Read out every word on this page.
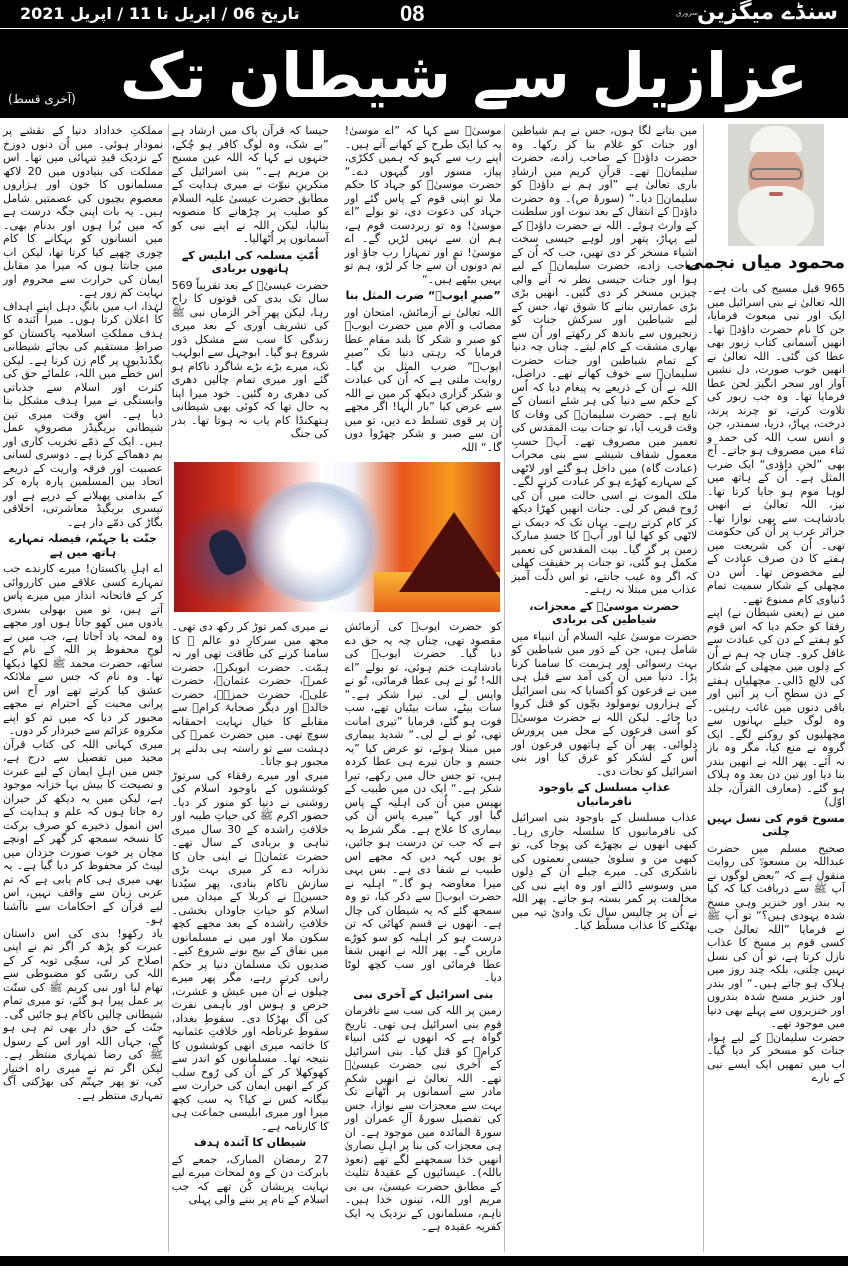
سنڈے میگزین
سرورق
08
تاریخ 06 / اپریل تا 11 / اپریل 2021
عزازیل سے شیطان تک
(آخری قسط)
محمود میاں نجمی

965 قبل مسیح کی بات ہے۔ اللہ تعالیٰ نے بنی اسرائیل میں ایک اور نبی مبعوث فرمایا، جن کا نام حضرت داؤدؑ تھا۔ انھیں آسمانی کتاب زبور بھی عطا کی گئی۔ اللہ تعالیٰ نے انھیں خوب صورت، دل نشیں آواز اور سحر انگیز لحن عطا فرمایا تھا۔ وہ جب زبور کی تلاوت کرتے، تو چرند پرند، درخت، پہاڑ، دریا، سمندر، جن و انس سب اللہ کی حمد و ثناء میں مصروف ہو جاتے۔ آج بھی ”لحنِ داؤدی“ ایک ضرب المثل ہے۔ اُن کے ہاتھ میں لوہا موم ہو جایا کرتا تھا۔ نیز، اللہ تعالیٰ نے انھیں بادشاہت سے بھی نوازا تھا۔ جزائر عرب پر اُن کی حکومت تھی۔ اُن کی شریعت میں ہفتے کا دن صرف عبادت کے لیے مخصوص تھا۔ اُس دن مچھلی کے شکار سمیت تمام دُنیاوی کام ممنوع تھے۔

میں نے (یعنی شیطان نے) اپنے رفقا کو حکم دیا کہ اس قوم کو ہفتے کے دن کی عبادت سے غافل کرو۔ چناں چہ ہم نے اُن کے دِلوں میں مچھلی کے شکار کی لالچ ڈالی۔ مچھلیاں ہفتے کے دن سطحِ آب پر آتیں اور باقی دنوں میں غائب رہتیں۔ وہ لوگ حیلے بہانوں سے مچھلیوں کو روکنے لگے۔ ایک گروہ نے منع کیا، مگر وہ باز نہ آئے۔ پھر اللہ نے انھیں بندر بنا دیا اور تین دن بعد وہ ہلاک ہو گئے۔ (معارف القرآن، جلد اوّل)

مسوخ قوم کی نسل نہیں چلتی

صحیح مسلم میں حضرت عبداللہ بن مسعودؓ کی روایت منقول ہے کہ ”بعض لوگوں نے آپ ﷺ سے دریافت کیا کہ کیا یہ بندر اور خنزیر وہی مسخ شدہ یہودی ہیں؟“ تو آپ ﷺ نے فرمایا ”اللہ تعالیٰ جب کسی قوم پر مسخ کا عذاب نازل کرتا ہے، تو اُن کی نسل نہیں چلتی، بلکہ چند روز میں ہلاک ہو جاتے ہیں۔“ اور بندر اور خنزیر مسخ شدہ بندروں اور خنزیروں سے پہلے بھی دنیا میں موجود تھے۔

حضرت سلیمانؑ کے لیے ہوا، جنات کو مسخر کر دیا گیا۔ اب میں تمھیں ایک ایسے نبی کے بارے

میں بتانے لگا ہوں، جس نے ہم شیاطین اور جنات کو غلام بنا کر رکھا۔ وہ حضرت داؤدؑ کے صاحب زادے، حضرت سلیمانؑ تھے۔ قرآنِ کریم میں ارشادِ باری تعالیٰ ہے ”اور ہم نے داؤدؑ کو سلیمانؑ دیا۔“ (سورۂ ص)۔ وہ حضرت داؤدؑ کے انتقال کے بعد نبوت اور سلطنت کے وارث ہوئے۔ اللہ نے حضرت داؤدؑ کے لیے پہاڑ، پتھر اور لوہے جیسی سخت اشیاء مسخر کر دی تھیں، جب کہ اُن کے صاحب زادے، حضرت سلیمانؑ کے لیے ہوا اور جنات جیسی نظر نہ آنے والی چیزیں مسخر کر دی گئیں۔ انھیں بڑی بڑی عمارتیں بنانے کا شوق تھا، جس کے لیے شیاطین اور سرکش جنات کو زنجیروں سے باندھ کر رکھتے اور اُن سے بھاری مشقت کے کام لیتے۔ چناں چہ دنیا کے تمام شیاطین اور جنات حضرت سلیمانؑ سے خوف کھاتے تھے۔ دراصل، اللہ نے اُن کے ذریعے یہ پیغام دیا کہ اُس کے حکم سے دنیا کی ہر شئے انسان کے تابع ہے۔ حضرت سلیمانؑ کی وفات کا وقت قریب آیا، تو جنات بیت المقدس کی تعمیر میں مصروف تھے۔ آپؑ حسبِ معمول شفاف شیشے سے بنی محراب (عبادت گاہ) میں داخل ہو گئے اور لاٹھی کے سہارے کھڑے ہو کر عبادت کرنے لگے۔ ملک الموت نے اسی حالت میں اُن کی رُوح قبض کر لی۔ جنات انھیں کھڑا دیکھ کر کام کرتے رہے۔ یہاں تک کہ دیمک نے لاٹھی کو کھا لیا اور آپؑ کا جسدِ مبارک زمین پر گر گیا۔ بیت المقدس کی تعمیر مکمل ہو گئی، تو جنات پر حقیقت کھلی کہ اگر وہ غیب جانتے، تو اس ذلّت آمیز عذاب میں مبتلا نہ رہتے۔

حضرت موسیٰؑ کے معجزات، شیاطین کی بربادی

حضرت موسیٰ علیہ السلام اُن انبیاء میں شامل ہیں، جن کے دَور میں شیاطین کو بہت رسوائی اور ہزیمت کا سامنا کرنا پڑا۔ دنیا میں اُن کی آمد سے قبل ہی میں نے فرعون کو اُکسایا کہ بنی اسرائیل کے ہزاروں نومولود بچّوں کو قتل کروا دیا جائے۔ لیکن اللہ نے حضرت موسیٰؑ کو اُسی فرعون کے محل میں پرورش دلوائی۔ پھر اُن کے ہاتھوں فرعون اور اُس کے لشکر کو غرق کیا اور بنی اسرائیل کو نجات دی۔

عذابِ مسلسل کے باوجود نافرمانیاں

عذاب مسلسل کے باوجود بنی اسرائیل کی نافرمانیوں کا سلسلہ جاری رہا۔ کبھی انھوں نے بچھڑے کی پوجا کی، تو کبھی من و سلویٰ جیسی نعمتوں کی ناشکری کی۔ میرے چیلے اُن کے دِلوں میں وسوسے ڈالتے اور وہ اپنے نبی کی مخالفت پر کمر بستہ ہو جاتے۔ پھر اللہ نے اُن پر چالیس سال تک وادیٔ تیہ میں بھٹکنے کا عذاب مسلّط کیا۔

موسیٰؑ سے کہا کہ ”اے موسیٰ! یہ کیا ایک طرح کے کھانے آتے ہیں۔ اپنے رب سے کہو کہ ہمیں ککڑی، پیاز، مسور اور گیہوں دے۔“ حضرت موسیٰؑ کو جہاد کا حکم ملا تو اپنی قوم کے پاس گئے اور جہاد کی دعوت دی، تو بولے ”اے موسیٰ! وہ تو زبردست قوم ہے، ہم ان سے نہیں لڑیں گے۔ اے موسیٰ! تم اور تمہارا رب جاؤ اور تم دونوں اُن سے جا کر لڑو، ہم تو یہیں بیٹھے ہیں۔“

”صبرِ ایوبؑ“ ضرب المثل بنا

اللہ تعالیٰ نے آزمائش، امتحان اور مصائب و آلام میں حضرت ایوبؑ کو صبر و شکر کا بلند مقام عطا فرمایا کہ رہتی دنیا تک ”صبرِ ایوبؑ“ ضرب المثل بن گیا۔ روایت ملتی ہے کہ اُن کی عبادت و شکر گزاری دیکھ کر میں نے اللہ سے عرض کیا ”بار الٰہا! اگر مجھے ان پر قوی تسلط دے دیں، تو میں اُن سے صبر و شکر چھڑوا دوں گا۔“ اللہ

جیسا کہ قرآن پاک میں ارشاد ہے ”بے شک، وہ لوگ کافر ہو چُکے، جنہوں نے کہا کہ اللہ عین مسیح بن مریم ہے۔“ بنی اسرائیل کے منکرینِ نبوّت نے میری ہدایت کے مطابق حضرت عیسیٰ علیہ السلام کو صلیب پر چڑھانے کا منصوبہ بنالیا، لیکن اللہ نے اپنے نبی کو آسمانوں پر اُٹھالیا۔

اُمّتِ مسلمہ کی ابلیس کے ہاتھوں بربادی

حضرت عیسیٰؑ کے بعد تقریباً 569 سال تک بدی کی قوتوں کا راج رہا، لیکن پھر آخر الزماں نبی ﷺ کی تشریف آوری کے بعد میری زندگی کا سب سے مشکل دَور شروع ہو گیا۔ ابوجہل سے ابولہب تک، میرے بڑے بڑے شاگرد ناکام ہو گئے اور میری تمام چالیں دھری کی دھری رہ گئیں۔ خود میرا اپنا یہ حال تھا کہ کوئی بھی شیطانی ہتھکنڈا کام یاب نہ ہوتا تھا۔ بدر کی جنگ

کو حضرت ایوبؑ کی آزمائش مقصود تھی، چناں چہ یہ حق دے دیا گیا۔ حضرت ایوبؑ کی بادشاہت ختم ہوئی، تو بولے ”اے اللہ! تُو نے ہی عطا فرمائی، تُو نے واپس لے لی۔ تیرا شکر ہے۔“ سات بیٹے، سات بیٹیاں تھے، سب فوت ہو گئے، فرمایا ”تیری امانت تھی، تُو نے لے لی۔“ شدید بیماری میں مبتلا ہوئے، تو عرض کیا ”یہ جسم و جان تیرے ہی عطا کردہ ہیں، تو جس حال میں رکھے، تیرا شکر ہے۔“ ایک دن میں طبیب کے بھیس میں اُن کی اہلیہ کے پاس گیا اور کہا ”میرے پاس اُن کی بیماری کا علاج ہے۔ مگر شرط یہ ہے کہ جب تن درست ہو جائیں، تو یوں کہہ دیں کہ مجھے اس طبیب نے شفا دی ہے۔ بس یہی میرا معاوضہ ہو گا۔“ اہلیہ نے حضرت ایوبؑ سے ذکر کیا، تو وہ سمجھ گئے کہ یہ شیطان کی چال ہے۔ انھوں نے قسم کھائی کہ تن درست ہو کر اہلیہ کو سو کوڑے ماریں گے۔ پھر اللہ نے انھیں شفا عطا فرمائی اور سب کچھ لوٹا دیا۔

بنی اسرائیل کے آخری نبی

زمین پر اللہ کی سب سے نافرمان قوم بنی اسرائیل ہی تھی۔ تاریخ گواہ ہے کہ انھوں نے کئی انبیاء کرامؑ کو قتل کیا۔ بنی اسرائیل کے آخری نبی حضرت عیسیٰؑ تھے۔ اللہ تعالیٰ نے انھیں شکمِ مادر سے آسمانوں پر اُٹھانے تک بہت سے معجزات سے نوازا، جس کی تفصیل سورۂ آلِ عمران اور سورۃ المائدہ میں موجود ہے۔ ان ہی معجزات کی بنا پر اہلِ نصاریٰ انھیں خدا سمجھنے لگے تھے (نعوذ باللہ)۔ عیسائیوں کے عقیدۂ تثلیث کے مطابق حضرت عیسیٰ، بی بی مریم اور اللہ، تینوں خدا ہیں۔ تاہم، مسلمانوں کے نزدیک یہ ایک کفریہ عقیدہ ہے۔

نے میری کمر توڑ کر رکھ دی تھی۔ مجھ میں سرکارِ دو عالم ﷺ کا سامنا کرنے کی طاقت تھی اور نہ ہمّت۔ حضرت ابوبکرؓ، حضرت عمرؓ، حضرت عثمانؓ، حضرت علیؓ، حضرت حمزہؓ، حضرت خالدؓ اور دیگر صحابۂ کرامؓ سے مقابلے کا خیال نہایت احمقانہ سوچ تھی۔ میں حضرت عمرؓ کی دہشت سے تو راستہ ہی بدلنے پر مجبور ہو جاتا۔

میری اور میرے رفقاء کی سرتوڑ کوششوں کے باوجود اسلام کی روشنی نے دنیا کو منور کر دیا۔ حضور اکرم ﷺ کی حیاتِ طیبہ اور خلافتِ راشدہ کے 30 سال میری تباہی و بربادی کے سال تھے۔ حضرت عثمانؓ نے اپنی جان کا نذرانہ دے کر میری بہت بڑی سازش ناکام بنادی، پھر سیّدنا حسینؓ نے کربلا کے میدان میں اسلام کو حیاتِ جاوداں بخشی۔ خلافتِ راشدہ کے بعد مجھے کچھ سکون ملا اور میں نے مسلمانوں میں نفاق کے بیج بونے شروع کیے۔ صدیوں تک مسلمان دنیا پر حکم رانی کرتے رہے، مگر پھر میرے چیلوں نے اُن میں عیش و عشرت، حرص و ہوس اور باہمی نفرت کی آگ بھڑکا دی۔ سقوطِ بغداد، سقوطِ غرناطہ اور خلافتِ عثمانیہ کا خاتمہ میری انھی کوششوں کا نتیجہ تھا۔ مسلمانوں کو اندر سے کھوکھلا کر کے اُن کی رُوح سلب کر کے انھیں ایمان کی حرارت سے بیگانہ کس نے کیا؟ یہ سب کچھ میرا اور میری ابلیسی جماعت ہی کا کارنامہ ہے۔

شیطان کا آئندہ ہدف

27 رمضان المبارک، جمعے کے بابرکت دن کے وہ لمحات میرے لیے نہایت پریشان کُن تھے کہ جب اسلام کے نام پر بننے والی پہلی

مملکتِ خداداد دنیا کے نقشے پر نمودار ہوئی۔ میں اُن دنوں دوزخ کے نزدیک قیدِ تنہائی میں تھا۔ اس مملکت کی بنیادوں میں 20 لاکھ مسلمانوں کا خون اور ہزاروں معصوم بچیوں کی عصمتیں شامل ہیں۔ یہ بات اپنی جگہ درست ہے کہ میں بُرا ہوں اور بدنام بھی۔ میں انسانوں کو بہکانے کا کام چوری چھپے کیا کرتا تھا، لیکن اب میں جانتا ہوں کہ میرا مدِ مقابل ایمان کی حرارت سے محروم اور نہایت کم زور ہے۔

لہٰذا، اب میں بانگِ دہل اپنے اہداف کا اعلان کرتا ہوں۔ میرا آئندہ کا ہدف مملکتِ اسلامیہ پاکستان کو صراطِ مستقیم کی بجائے شیطانی پگڈنڈیوں پر گام زن کرنا ہے۔ لیکن اس خطّے میں اللہ، علمائے حق کی کثرت اور اسلام سے جذباتی وابستگی نے میرا ہدف مشکل بنا دیا ہے۔ اس وقت میری تین شیطانی بریگیڈز مصروفِ عمل ہیں۔ ایک کے ذمّے تخریب کاری اور بم دھماکے کرنا ہے۔ دوسری لسانی عصبیت اور فرقہ واریت کے ذریعے اتحاد بین المسلمین پارہ پارہ کر کے بدامنی پھیلانے کے درپے ہے اور تیسری بریگیڈ معاشرتی، اخلاقی بگاڑ کی ذمّے دار ہے۔

جنّت یا جہنّم، فیصلہ تمہارے ہاتھ میں ہے

اے اہلِ پاکستان! میرے کارندے جب تمہارے کسی علاقے میں کارروائی کر کے فاتحانہ انداز میں میرے پاس آتے ہیں، تو میں بھولی بسری یادوں میں کھو جاتا ہوں اور مجھے وہ لمحہ یاد آجاتا ہے، جب میں نے لوحِ محفوظ پر اللہ کے نام کے ساتھ، حضرت محمد ﷺ لکھا دیکھا تھا۔ وہ نام کہ جس سے ملائکہ عشق کیا کرتے تھے اور آج اس پرانی محبت کے احترام نے مجھے مجبور کر دیا کہ میں تم کو اپنے مکروہ عزائم سے خبردار کر دوں۔

میری کہانی اللہ کی کتاب قرآن مجید میں تفصیل سے درج ہے، جس میں اہلِ ایمان کے لیے عبرت و نصیحت کا بیش بہا خزانہ موجود ہے، لیکن میں یہ دیکھ کر حیران رہ جاتا ہوں کہ علم و ہدایت کے اس انمول ذخیرے کو صرف برکت کا نسخہ سمجھ کر گھر کے اونچے مچان پر خوب صورت جزدان میں لپیٹ کر محفوظ کر دیا گیا ہے۔ یہ بھی میری ہی کام یابی ہے کہ تم عربی زبان سے واقف نہیں، اس لیے قرآن کے احکامات سے ناآشنا ہو۔

یاد رکھو! بدی کی اس داستان عبرت کو پڑھ کر اگر تم نے اپنی اصلاح کر لی، سچّی توبہ کر کے اللہ کی رسّی کو مضبوطی سے تھام لیا اور نبی کریم ﷺ کی سنّت پر عمل پیرا ہو گئے، تو میری تمام شیطانی چالیں ناکام ہو جائیں گی۔ جنّت کے حق دار بھی تم ہی ہو گے، جہاں اللہ اور اس کے رسول ﷺ کی رضا تمہاری منتظر ہے۔ لیکن اگر تم نے میری راہ اختیار کی، تو پھر جہنّم کی بھڑکتی آگ تمہاری منتظر ہے۔
